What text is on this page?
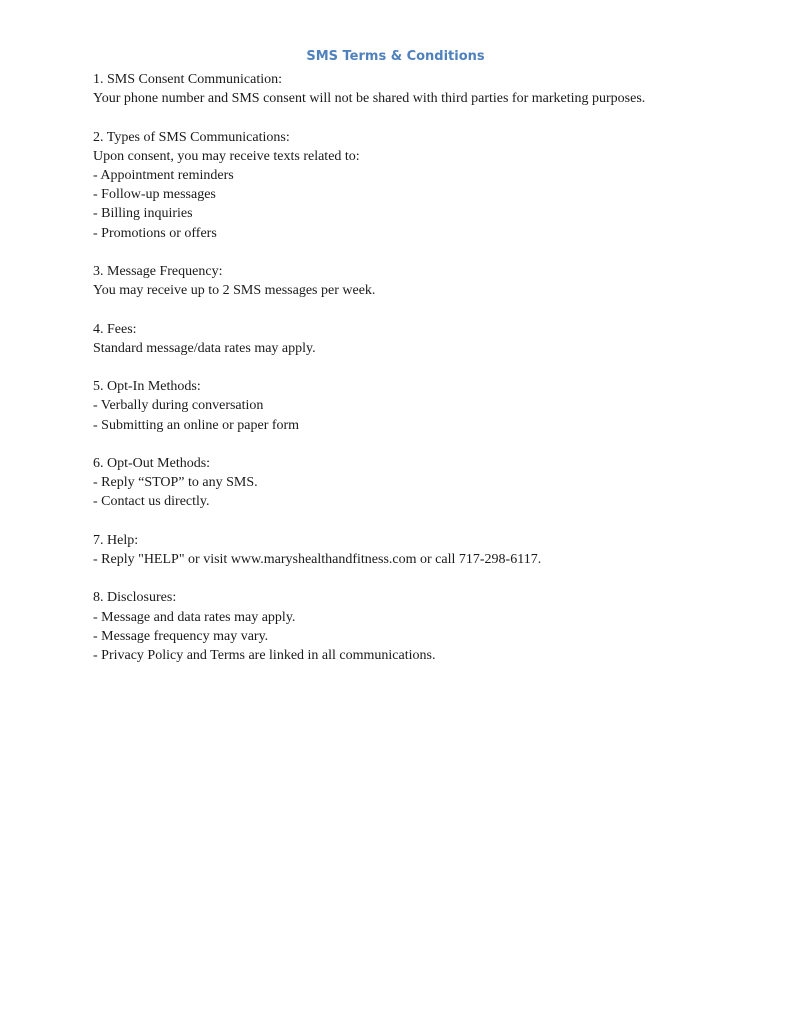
SMS Terms & Conditions
1. SMS Consent Communication:
Your phone number and SMS consent will not be shared with third parties for marketing purposes.
2. Types of SMS Communications:
Upon consent, you may receive texts related to:
- Appointment reminders
- Follow-up messages
- Billing inquiries
- Promotions or offers
3. Message Frequency:
You may receive up to 2 SMS messages per week.
4. Fees:
Standard message/data rates may apply.
5. Opt-In Methods:
- Verbally during conversation
- Submitting an online or paper form
6. Opt-Out Methods:
- Reply “STOP” to any SMS.
- Contact us directly.
7. Help:
- Reply "HELP" or visit www.maryshealthandfitness.com or call 717-298-6117.
8. Disclosures:
- Message and data rates may apply.
- Message frequency may vary.
- Privacy Policy and Terms are linked in all communications.
